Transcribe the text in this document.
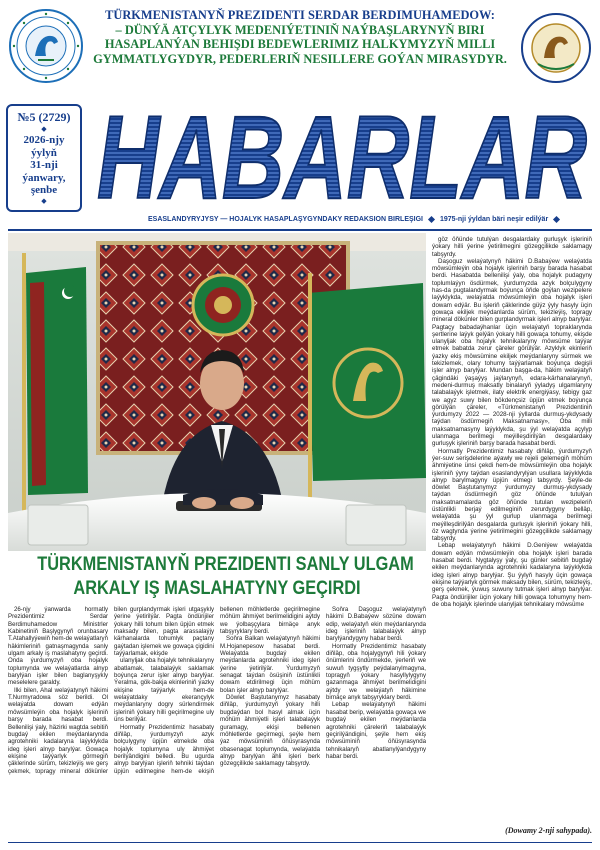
TÜRKMENISTANYŇ PREZIDENTI SERDAR BERDIMUHAMEDOW:
– DÜNÝÄ ATÇYLYK MEDENIÝETINIŇ NAÝBAŞLARYNYŇ BIRI
HASAPLANÝAN BEHIŞDI BEDEWLERIMIZ HALKYMYZYŇ MILLI
GYMMATLYGYDYR, PEDERLERIŇ NESILLERE GOÝAN MIRASYDYR.
№5 (2729)
◆
2026-njy
ýylyň
31-nji
ýanwary,
şenbe
◆ HABARLAR
ESASLANDYRYJYSY — HOJALYK HASAPLAŞYGYNDAKY REDAKSION BIRLEŞIGI 1975-nji ýyldan bäri neşir edilýär
TÜRKMENISTANYŇ PREZIDENTI SANLY ULGAM
ARKALY IŞ MASLAHATYNY GEÇIRDI

26-njy ýanwarda hormatly Prezidentimiz Serdar Berdimuhamedow Ministrler Kabinetiniň Başlygynyň orunbasary T.Atahallyýewiň hem-de welaýatlaryň häkimleriniň gatnaşmagynda sanly ulgam arkaly iş maslahatyny geçirdi. Onda ýurdumyzyň oba hojalyk toplumynda we welaýatlarda alnyp barylýan işler bilen baglanyşykly meselelere garaldy.

Ilki bilen, Ahal welaýatynyň häkimi T.Nurmyradowa söz berildi. Ol welaýatda dowam edýän möwsümleýin oba hojalyk işleriniň barşy barada hasabat berdi. Bellenilişi ýaly, häzirki wagtda sebitiň bugdaý ekilen meýdanlarynda agrotehniki kadalaryna laýyklykda ideg işleri alnyp barylýar. Gowaça ekişine taýýarlyk görmegiň çäklerinde sürüm, tekizleýiş we gerş çekmek, topragy mineral dökünler bilen gurplandyrmak işleri utgaşykly ýerine ýetirilýär. Pagta öndürijiler ýokary hilli tohum bilen üpjün etmek maksady bilen, pagta arassalaýjy kärhanalarda tohumlyk paçtany gaýtadan işlemek we gowaça çigidini taýýarlamak, ekişde

ulanyljak oba hojalyk tehnikalaryny abatlamak, talabalaýyk saklamak boýunça zerur işler alnyp barylýar. Ýeralma, gök-bakja ekinleriniň ýazky ekişine taýýarlyk hem-de welaýatdaky ekerançylyk meýdanlaryny dogry sürlendirmek işleriniň ýokary hilli geçirilmegine uly üns berilýär.

Hormatly Prezidentimiz hasabaty diňläp, ýurdumyzyň azyk bolçulygyny üpjün etmekde oba hojalyk toplumyna uly ähmiýet berilýändigini belledi. Bu ugurda alnyp barylýan işleriň tehniki taýdan üpjün edilmegine hem-de ekişiň bellenen möhletlerde geçirilmegine möhüm ähmiýet berilmelidigini aýtdy we ýolbaşçylara birnäçe anyk tabşyryklary berdi.

Soňra Balkan welaýatynyň häkimi M.Hojanepesow hasabat berdi. Welaýatda bugdaý ekilen meýdanlarda agrotehniki ideg işleri ýerine ýetirilýär. Ýurdumyzyň senagat taýdan ösüşiniň üstünlikli dowam etdirilmegi üçin möhüm bolan işler alnyp barylýar.

Döwlet Baştutanymyz hasabaty diňläp, ýurdumyzyň ýokary hilli bugdaýdan bol hasyl almak üçin möhüm ähmiýetli işleri talabalaýyk guramagy, ekişi bellenen möhletlerde geçirmegi, şeýle hem ýaz möwsüminiň öňüsyrasynda obasenagat toplumynda, welaýatda alnyp barylýan ähli işleri berk gözegçilikde saklamagy tabşyrdy.

Soňra Daşoguz welaýatynyň häkimi D.Babaýew sözüne dowam edip, welaýatyň ekin meýdanlarynda ideg işleriniň talabalaýyk alnyp barylýandygyny habar berdi.

Hormatly Prezidentimiz hasabaty diňläp, oba hojalygynyň hili ýokary önümlerini öndürmekde, ýerleriň we suwuň tygşytly peýdalanylmagyna, topragyň ýokary hasyllylygyny gazanmaga ähmiýet berilmelidigini aýtdy we welaýatyň häkimine birnäçe anyk tabşyryklary berdi.

Lebap welaýatynyň häkimi hasabat berip, welaýatda gowaça we bugdaý ekilen meýdanlarda agrotehniki çäreleriň talabalaýyk geçirilýändigini, şeýle hem ekiş möwsüminiň öňüsyrasynda tehnikalaryň abatlanylýandygyny habar berdi.

göz öňünde tutulýan desgalardaky gurluşyk işleriniň ýokary hilli ýerine ýetirilmegini gözegçilikde saklamagy tabşyrdy.

Daşoguz welaýatynyň häkimi D.Babaýew welaýatda möwsümleýin oba hojalyk işleriniň barşy barada hasabat berdi. Hasabatda bellenilişi ýaly, oba hojalyk pudagyny toplumlaýyn ösdürmek, ýurdumyzda azyk bolçulygyny has-da pugtalandyrmak boýunça öňde goýlan wezipelere laýyklykda, welaýatda möwsümleýin oba hojalyk işleri dowam edýär. Bu işleriň çäklerinde güýz ýyly hasyly üçin gowaça ekiljek meýdanlarda sürüm, tekizleýiş, topragy mineral dökünler bilen gurplandyrmak işleri alnyp barylýar. Pagtaçy babadaýhanlar üçin welaýatyň topraklarynda şertlerine laýyk gelýän ýokary hilli gowaça tohumy, ekişde ulanyljak oba hojalyk tehnikalaryny möwsüme taýýar etmek babatda zerur çäreler görülýär. Azyklyk ekinleriň ýazky ekiş möwsümine ekiljek meýdanlaryny sürmek we tekizlemek, olary tohumy taýýarlamak boýunça degişli işler alnyp barylýar. Mundan başga-da, häkim welaýatyň çägindäki ýaşaýyş jaýlarynyň, edara-kärhanalarynyň, medeni-durmuş maksatly binalaryň ýyladyş ulgamlaryny talabalaýyk işletmek, ilaty elektrik energiýasy, tebigy gaz we agyz suwy bilen bökdençsiz üpjün etmek boýunça görülýän çäreler, «Türkmenistanyň Prezidentiniň ýurdumyzy 2022 — 2028-nji ýyllarda durmuş-ykdysady taýdan ösdürmegiň Maksatnamasy», Oba milli maksatnamasyny laýyklykda, şu ýyl welaýatda açylyp ulanmaga berilmegi meýilleşdirilýän desgalardaky gurluşyk işleriniň barşy barada hasabat berdi.

Hormatly Prezidentimiz hasabaty diňläp, ýurdumyzyň ýer-suw serişdelerine aýawly we rejeli gelemegiň möhüm ähmiýetine ünsi çekdi hem-de möwsümleýin oba hojalyk işleriniň ýyny taýdan esaslandyrylýan usullara laýyklykda alnyp barylmagyny üpjün etmegi tabşyrdy. Şeýle-de döwlet Baştutanymyz ýurdumyzy durmuş-ykdysady taýdan ösdürmegiň göz öňünde tutulýan maksatnamalarda göz öňünde tutulan wezipeleriň üstünlikli berjaý edilmeginiň zerurdygyny belläp, welaýatda şu ýyl gurlup ulanmaga berilmegi meýilleşdirilýän desgalarda gurluşyk işleriniň ýokary hilli, öz wagtynda ýerine ýetirilmegini gözegçilikde saklamagy tabşyrdy.

Lebap welaýatynyň häkimi D.Geniýew welaýatda dowam edýän möwsümleýin oba hojalyk işleri barada hasabat berdi. Nygtalyşy ýaly, şu günler sebitiň bugdaý ekilen meýdanlarynda agrotehniki kadalaryna laýyklykda ideg işleri alnyp barylýar. Şu ýylyň hasyly üçin gowaça ekişine taýýarlyk görmek maksady bilen, sürüm, tekizleýiş, gerş çekmek, ýuwuş suwuny tutmak işleri alnyp barylýar. Pagta öndürijiler üçin ýokary hilli gowaça tohumyny hem-de oba hojalyk işlerinde ulanyljak tehnikalary möwsüme

(Dowamy 2-nji sahypada).
